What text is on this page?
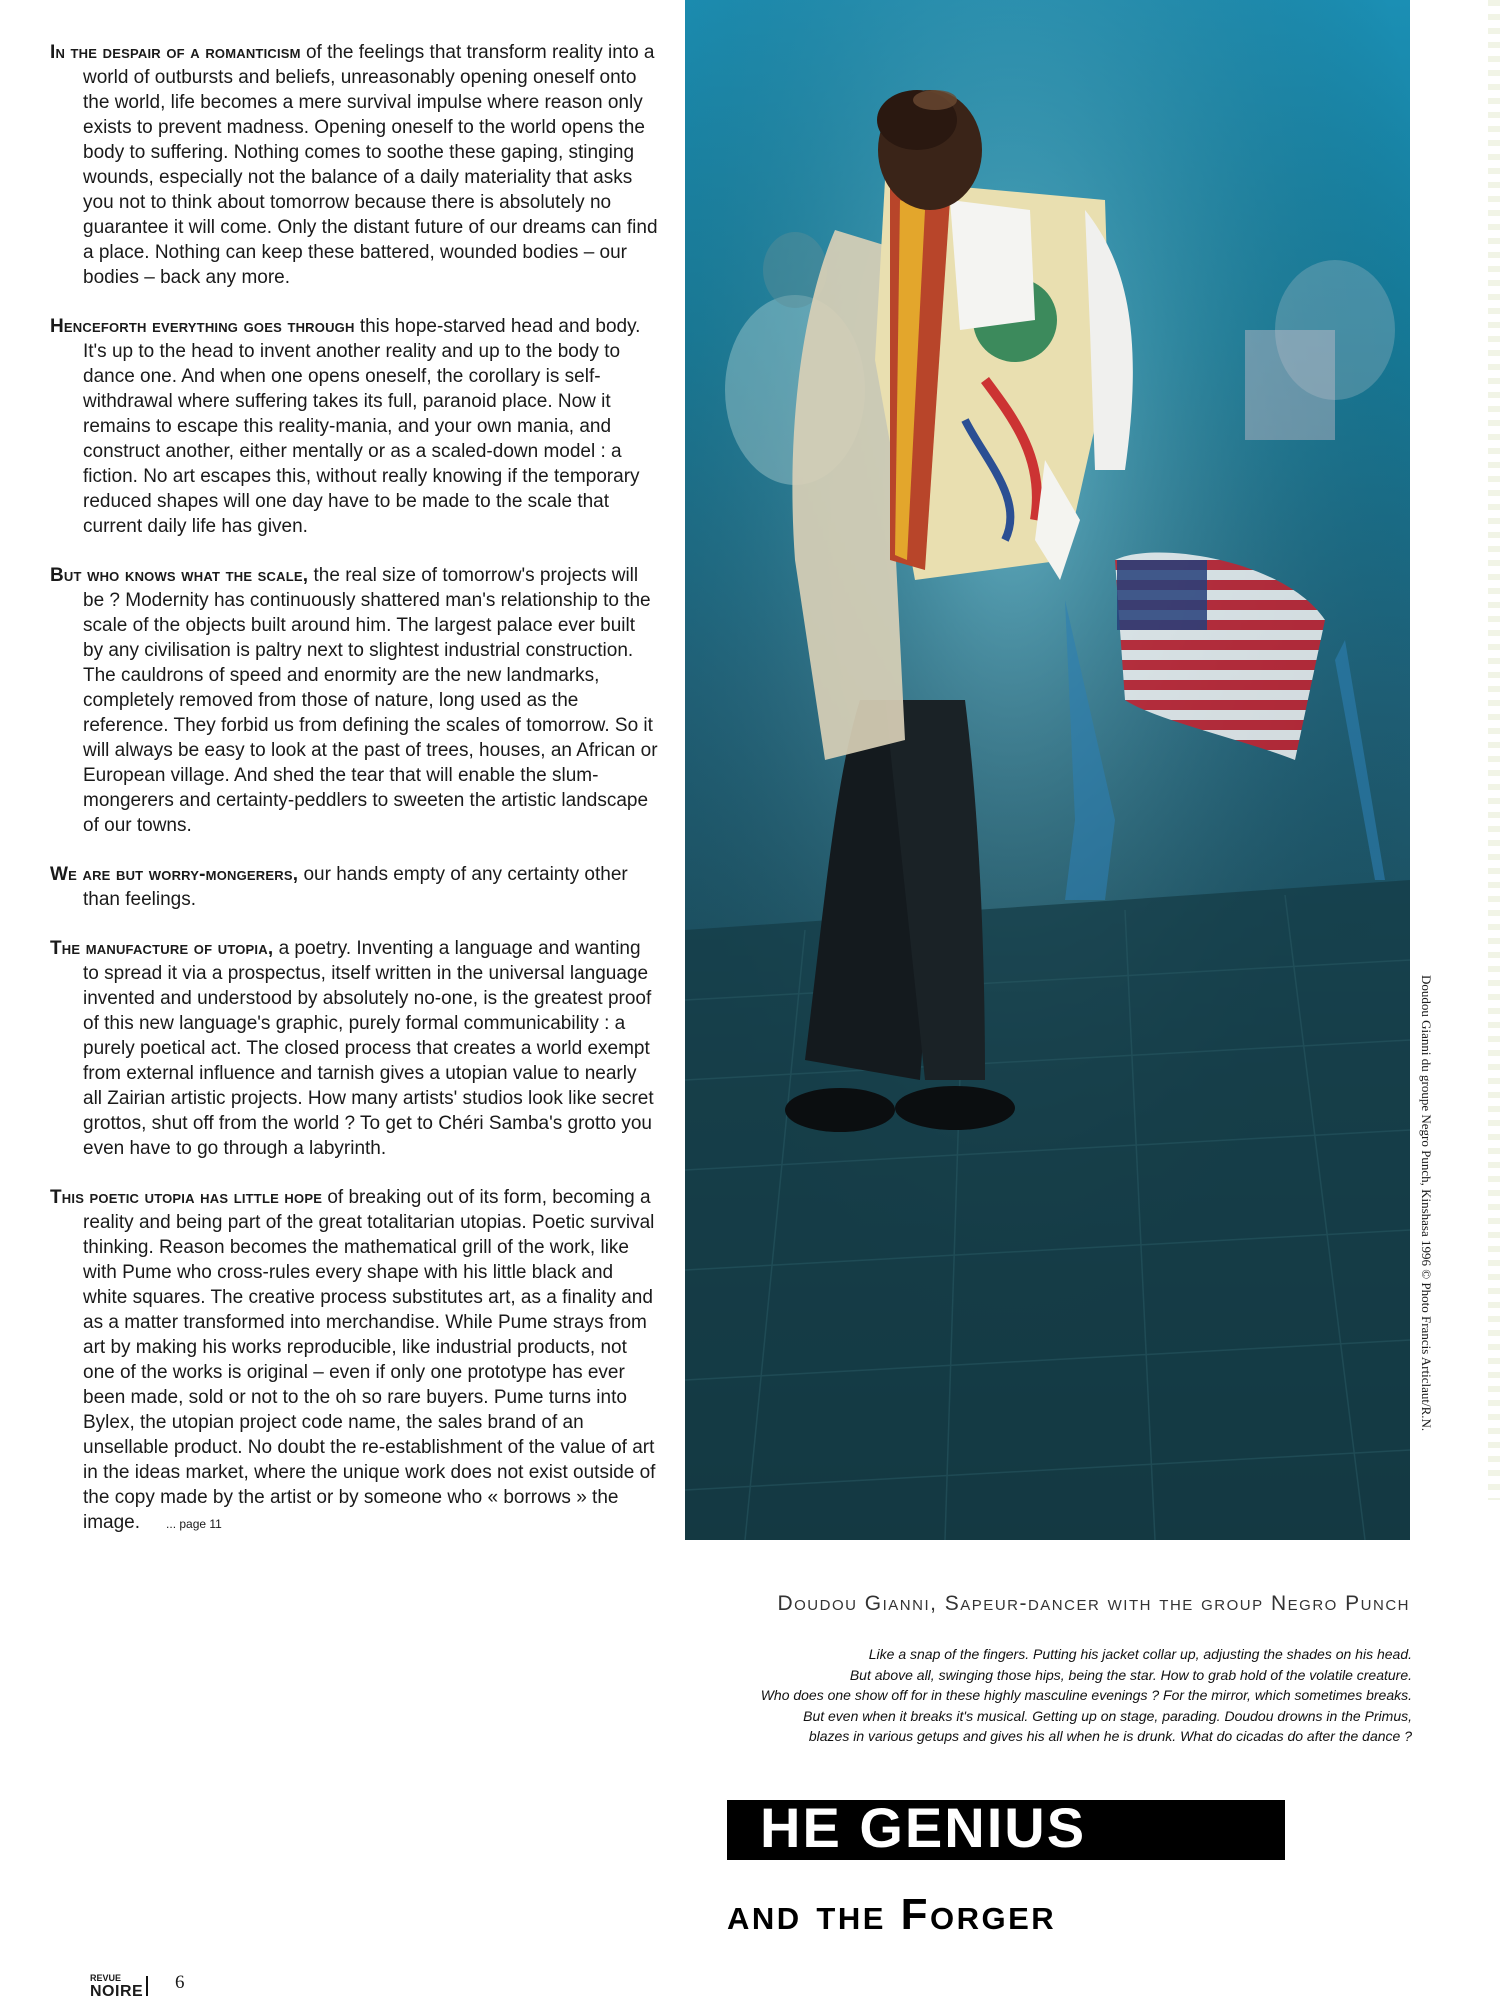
In the despair of a romanticism of the feelings that transform reality into a world of outbursts and beliefs, unreasonably opening oneself onto the world, life becomes a mere survival impulse where reason only exists to prevent madness. Opening oneself to the world opens the body to suffering. Nothing comes to soothe these gaping, stinging wounds, especially not the balance of a daily materiality that asks you not to think about tomorrow because there is absolutely no guarantee it will come. Only the distant future of our dreams can find a place. Nothing can keep these battered, wounded bodies – our bodies – back any more.

Henceforth everything goes through this hope-starved head and body. It's up to the head to invent another reality and up to the body to dance one. And when one opens oneself, the corollary is self-withdrawal where suffering takes its full, paranoid place. Now it remains to escape this reality-mania, and your own mania, and construct another, either mentally or as a scaled-down model : a fiction. No art escapes this, without really knowing if the temporary reduced shapes will one day have to be made to the scale that current daily life has given.

But who knows what the scale, the real size of tomorrow's projects will be ? Modernity has continuously shattered man's relationship to the scale of the objects built around him. The largest palace ever built by any civilisation is paltry next to slightest industrial construction. The cauldrons of speed and enormity are the new landmarks, completely removed from those of nature, long used as the reference. They forbid us from defining the scales of tomorrow. So it will always be easy to look at the past of trees, houses, an African or European village. And shed the tear that will enable the slum-mongerers and certainty-peddlers to sweeten the artistic landscape of our towns.

We are but worry-mongerers, our hands empty of any certainty other than feelings.

The manufacture of utopia, a poetry. Inventing a language and wanting to spread it via a prospectus, itself written in the universal language invented and understood by absolutely no-one, is the greatest proof of this new language's graphic, purely formal communicability : a purely poetical act. The closed process that creates a world exempt from external influence and tarnish gives a utopian value to nearly all Zairian artistic projects. How many artists' studios look like secret grottos, shut off from the world ? To get to Chéri Samba's grotto you even have to go through a labyrinth.

This poetic utopia has little hope of breaking out of its form, becoming a reality and being part of the great totalitarian utopias. Poetic survival thinking. Reason becomes the mathematical grill of the work, like with Pume who cross-rules every shape with his little black and white squares. The creative process substitutes art, as a finality and as a matter transformed into merchandise. While Pume strays from art by making his works reproducible, like industrial products, not one of the works is original – even if only one prototype has ever been made, sold or not to the oh so rare buyers. Pume turns into Bylex, the utopian project code name, the sales brand of an unsellable product. No doubt the re-establishment of the value of art in the ideas market, where the unique work does not exist outside of the copy made by the artist or by someone who « borrows » the image. ... page 11

Doudou Gianni du groupe Negro Punch, Kinshasa 1996 © Photo Francis Articlaut/R.N.
Doudou Gianni, Sapeur-dancer with the group Negro Punch
Like a snap of the fingers. Putting his jacket collar up, adjusting the shades on his head.
But above all, swinging those hips, being the star. How to grab hold of the volatile creature.
Who does one show off for in these highly masculine evenings ? For the mirror, which sometimes breaks.
But even when it breaks it's musical. Getting up on stage, parading. Doudou drowns in the Primus,
blazes in various getups and gives his all when he is drunk. What do cicadas do after the dance ?
HE GENIUS
and the Forger
REVUE
NOIRE 6
